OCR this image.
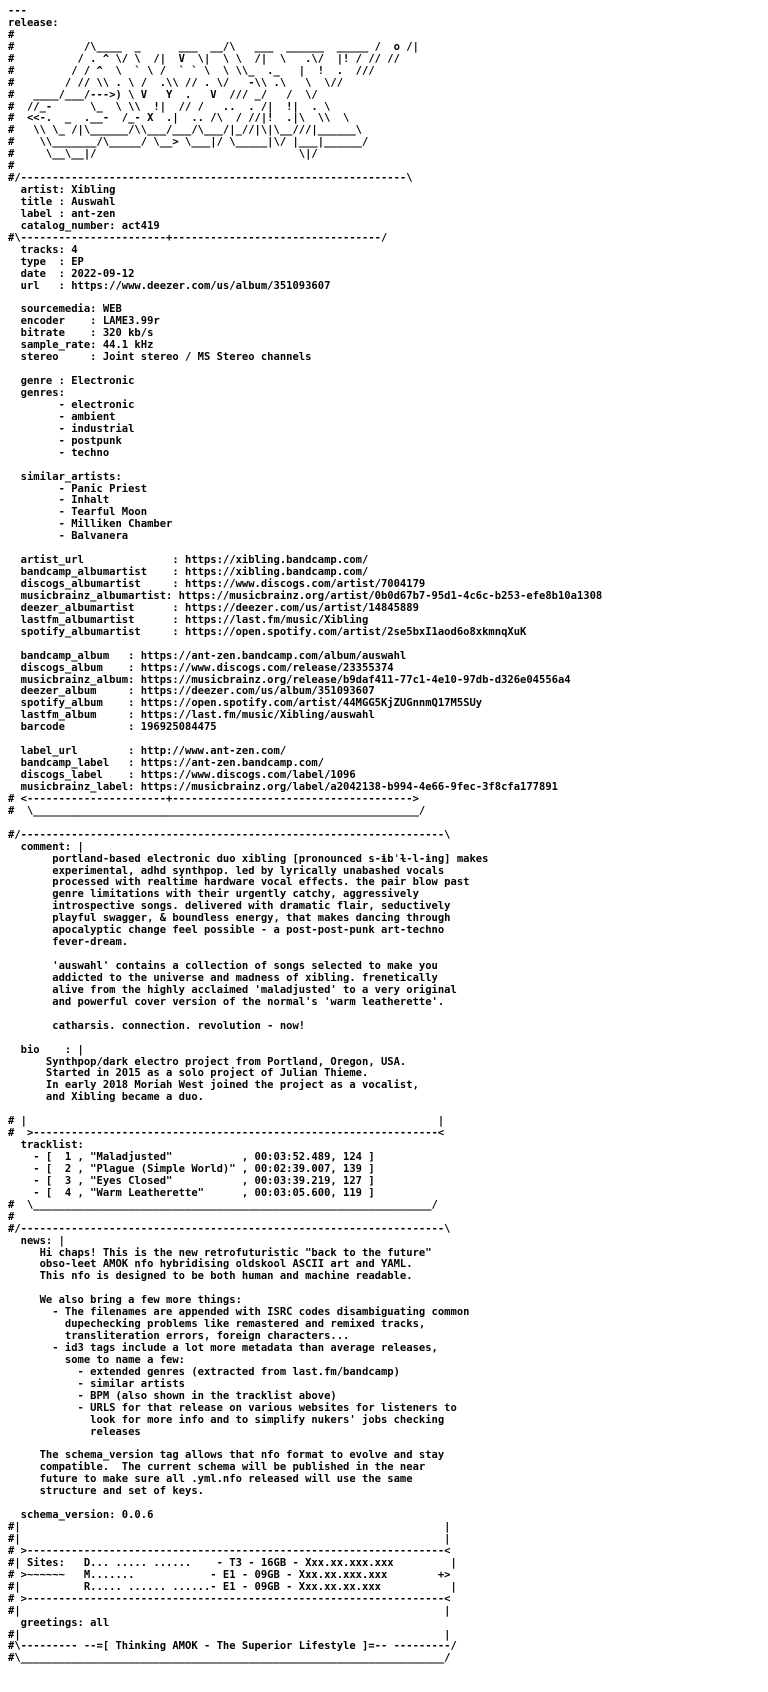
---
release:
#
#           /\____  _      ___  __/\   ___  ______  _____ /  o /|
#          / . ^ \/ \  /|  V  \|  \ \  /|  \   .\/  |! / // //
#         / / ^  \  ` \ /  ` ` \  \ \\_  ._   |  !  .  ///
#        / // \\ . \ /  .\\ // . \/   -\\ .\   \  \//
#   ____/___/--->) \ V   Y  .   V  /// _/   /  \/
#  //_-      \_  \ \\  !|  // /   ..  . /|  !|  . \
#  <<-.  _  .__-  /_- X  .|  .. /\  / //|!  .|\  \\  \
#   \\ \_ /|\______/\\___/___/\___/|_//|\|\__///|______\
#    \\_______/\_____/ \__> \___|/ \_____|\/ |___|______/
#     \__\__|/                                \|/
#
#/-------------------------------------------------------------\
artist: Xibling
title : Auswahl
label : ant-zen
catalog_number: act419
#\-----------------------+---------------------------------/
tracks: 4
type  : EP
date  : 2022-09-12
url   : https://www.deezer.com/us/album/351093607

sourcemedia: WEB
encoder    : LAME3.99r
bitrate    : 320 kb/s
sample_rate: 44.1 kHz
stereo     : Joint stereo / MS Stereo channels

genre : Electronic
genres:
- electronic
- ambient
- industrial
- postpunk
- techno

similar_artists:
- Panic Priest
- Inhalt
- Tearful Moon
- Milliken Chamber
- Balvanera

artist_url              : https://xibling.bandcamp.com/
bandcamp_albumartist    : https://xibling.bandcamp.com/
discogs_albumartist     : https://www.discogs.com/artist/7004179
musicbrainz_albumartist: https://musicbrainz.org/artist/0b0d67b7-95d1-4c6c-b253-efe8b10a1308
deezer_albumartist      : https://deezer.com/us/artist/14845889
lastfm_albumartist      : https://last.fm/music/Xibling
spotify_albumartist     : https://open.spotify.com/artist/2se5bxI1aod6o8xkmnqXuK

bandcamp_album   : https://ant-zen.bandcamp.com/album/auswahl
discogs_album    : https://www.discogs.com/release/23355374
musicbrainz_album: https://musicbrainz.org/release/b9daf411-77c1-4e10-97db-d326e04556a4
deezer_album     : https://deezer.com/us/album/351093607
spotify_album    : https://open.spotify.com/artist/44MGG5KjZUGnnmQ17M5SUy
lastfm_album     : https://last.fm/music/Xibling/auswahl
barcode          : 196925084475

label_url        : http://www.ant-zen.com/
bandcamp_label   : https://ant-zen.bandcamp.com/
discogs_label    : https://www.discogs.com/label/1096
musicbrainz_label: https://musicbrainz.org/label/a2042138-b994-4e66-9fec-3f8cfa177891
# <----------------------+-------------------------------------->
#  \_____________________________________________________________/

#/-------------------------------------------------------------------\
comment: |
portland-based electronic duo xibling [pronounced s-ɨbˈɫ-l-ɨng] makes
experimental, adhd synthpop. led by lyrically unabashed vocals
processed with realtime hardware vocal effects. the pair blow past
genre limitations with their urgently catchy, aggressively
introspective songs. delivered with dramatic flair, seductively
playful swagger, & boundless energy, that makes dancing through
apocalyptic change feel possible - a post-post-punk art-techno
fever-dream.

'auswahl' contains a collection of songs selected to make you
addicted to the universe and madness of xibling. frenetically
alive from the highly acclaimed 'maladjusted' to a very original
and powerful cover version of the normal's 'warm leatherette'.

catharsis. connection. revolution - now!

bio    : |
Synthpop/dark electro project from Portland, Oregon, USA.
Started in 2015 as a solo project of Julian Thieme.
In early 2018 Moriah West joined the project as a vocalist,
and Xibling became a duo.

# |                                                                 |
#  >----------------------------------------------------------------<
tracklist:
- [  1 , "Maladjusted"           , 00:03:52.489, 124 ]
- [  2 , "Plague (Simple World)" , 00:02:39.007, 139 ]
- [  3 , "Eyes Closed"           , 00:03:39.219, 127 ]
- [  4 , "Warm Leatherette"      , 00:03:05.600, 119 ]
#  \_______________________________________________________________/
#
#/-------------------------------------------------------------------\
news: |
Hi chaps! This is the new retrofuturistic "back to the future"
obso-leet AMOK nfo hybridising oldskool ASCII art and YAML.
This nfo is designed to be both human and machine readable.

We also bring a few more things:
- The filenames are appended with ISRC codes disambiguating common
dupechecking problems like remastered and remixed tracks,
transliteration errors, foreign characters...
- id3 tags include a lot more metadata than average releases,
some to name a few:
- extended genres (extracted from last.fm/bandcamp)
- similar artists
- BPM (also shown in the tracklist above)
- URLS for that release on various websites for listeners to
look for more info and to simplify nukers' jobs checking
releases

The schema_version tag allows that nfo format to evolve and stay
compatible.  The current schema will be published in the near
future to make sure all .yml.nfo released will use the same
structure and set of keys.

schema_version: 0.0.6
#|                                                                   |
#|                                                                   |
# >------------------------------------------------------------------<
#| Sites:   D... ..... ......    - T3 - 16GB - Xxx.xx.xxx.xxx         |
# >~~~~~~   M.......            - E1 - 09GB - Xxx.xx.xxx.xxx        +>
#|          R..... ...... ......- E1 - 09GB - Xxx.xx.xx.xxx           |
# >------------------------------------------------------------------<
#|                                                                   |
greetings: all
#|                                                                   |
#\--------- --=[ Thinking AMOK - The Superior Lifestyle ]=-- ---------/
#\___________________________________________________________________/
